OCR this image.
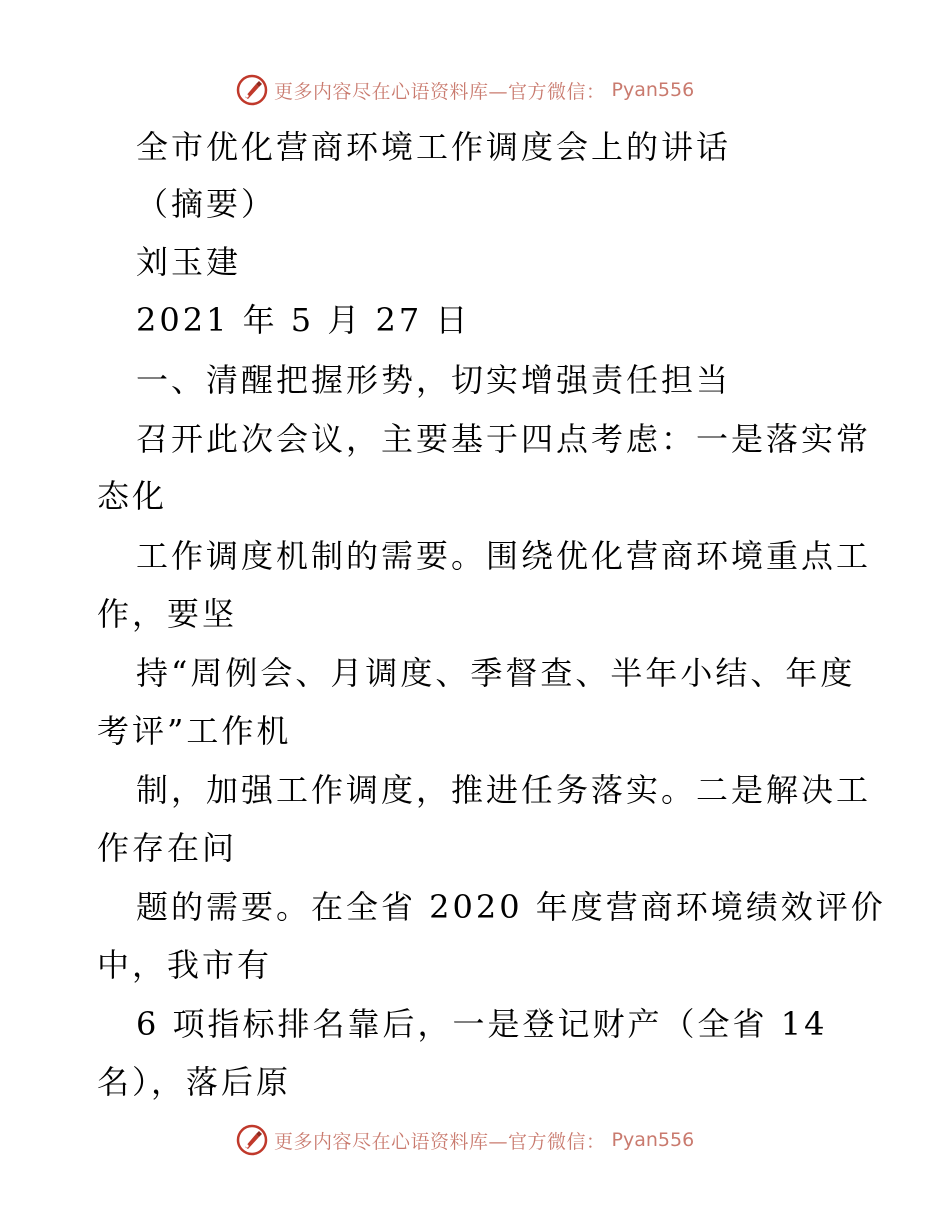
更多内容尽在心语资料库—官方微信： Pyan556
全市优化营商环境工作调度会上的讲话
（摘要）
刘玉建
2021 年 5 月 27 日
一、清醒把握形势，切实增强责任担当
召开此次会议，主要基于四点考虑：一是落实常
态化
工作调度机制的需要。围绕优化营商环境重点工
作，要坚
持“周例会、月调度、季督查、半年小结、年度
考评”工作机
制，加强工作调度，推进任务落实。二是解决工
作存在问
题的需要。在全省 2020 年度营商环境绩效评价
中，我市有
6 项指标排名靠后，一是登记财产（全省 14
名），落后原
更多内容尽在心语资料库—官方微信： Pyan556
